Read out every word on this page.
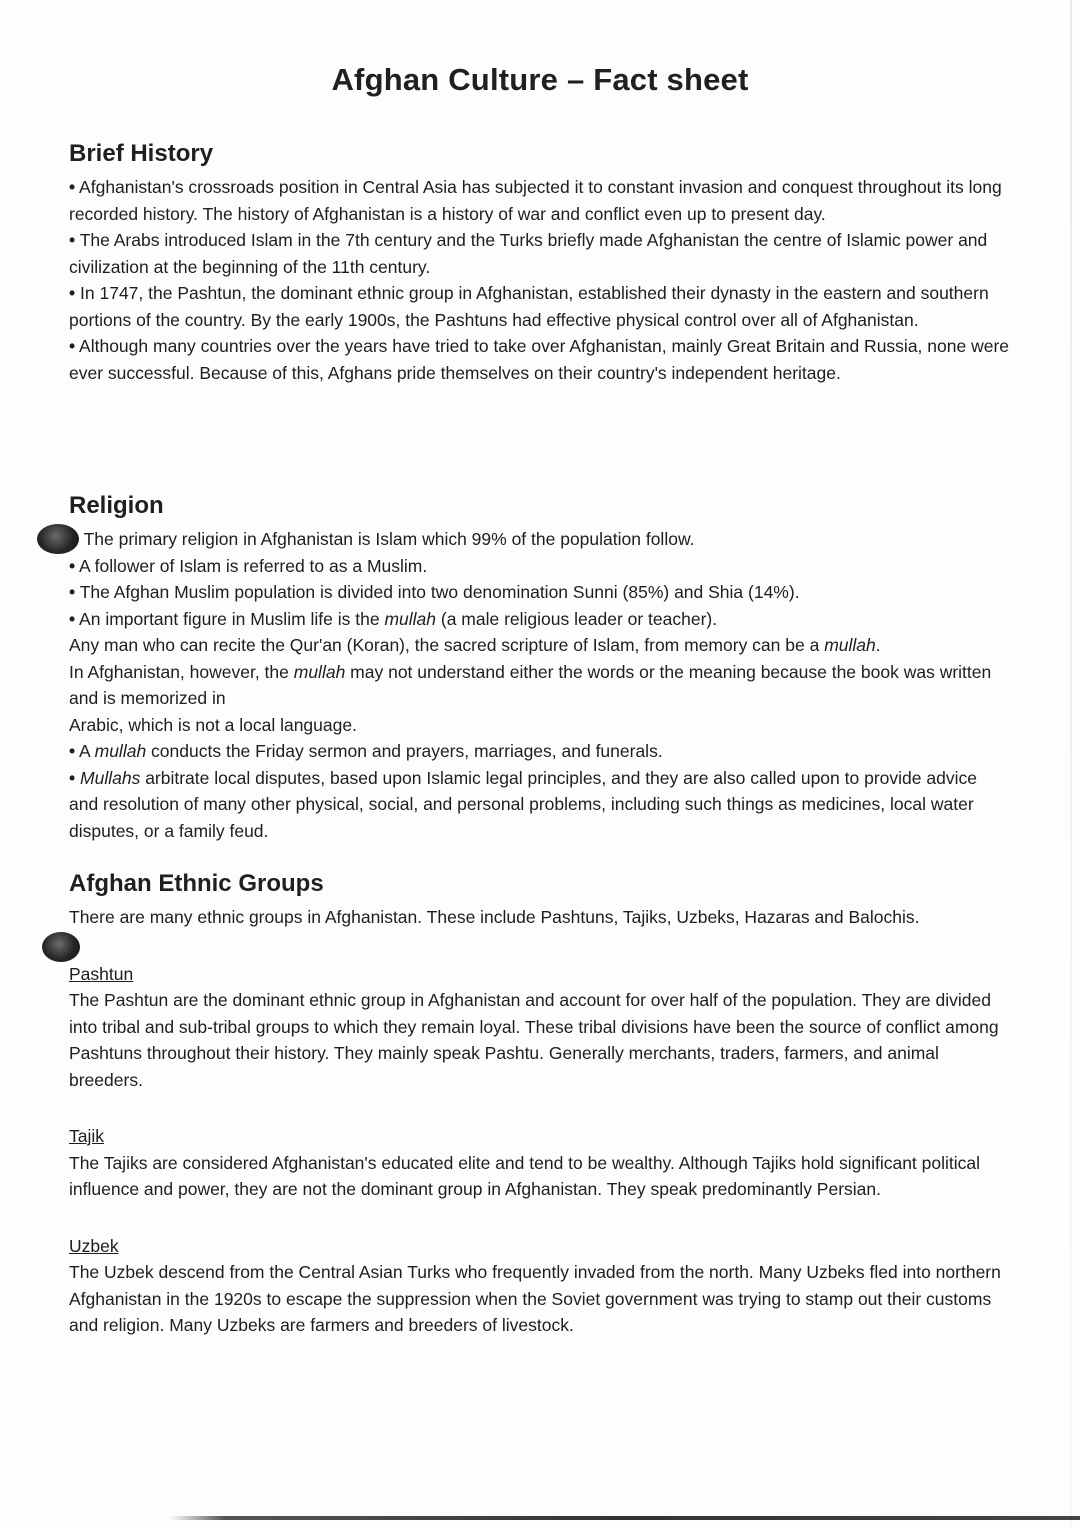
Afghan Culture – Fact sheet
Brief History

• Afghanistan's crossroads position in Central Asia has subjected it to constant invasion and conquest throughout its long recorded history. The history of Afghanistan is a history of war and conflict even up to present day.

• The Arabs introduced Islam in the 7th century and the Turks briefly made Afghanistan the centre of Islamic power and civilization at the beginning of the 11th century.

• In 1747, the Pashtun, the dominant ethnic group in Afghanistan, established their dynasty in the eastern and southern portions of the country. By the early 1900s, the Pashtuns had effective physical control over all of Afghanistan.

• Although many countries over the years have tried to take over Afghanistan, mainly Great Britain and Russia, none were ever successful. Because of this, Afghans pride themselves on their country's independent heritage.

Religion

The primary religion in Afghanistan is Islam which 99% of the population follow.

• A follower of Islam is referred to as a Muslim.

• The Afghan Muslim population is divided into two denomination Sunni (85%) and Shia (14%).

• An important figure in Muslim life is the mullah (a male religious leader or teacher).

Any man who can recite the Qur'an (Koran), the sacred scripture of Islam, from memory can be a mullah.

In Afghanistan, however, the mullah may not understand either the words or the meaning because the book was written and is memorized in

Arabic, which is not a local language.

• A mullah conducts the Friday sermon and prayers, marriages, and funerals.

• Mullahs arbitrate local disputes, based upon Islamic legal principles, and they are also called upon to provide advice and resolution of many other physical, social, and personal problems, including such things as medicines, local water disputes, or a family feud.

Afghan Ethnic Groups

There are many ethnic groups in Afghanistan. These include Pashtuns, Tajiks, Uzbeks, Hazaras and Balochis.

Pashtun

The Pashtun are the dominant ethnic group in Afghanistan and account for over half of the population. They are divided into tribal and sub-tribal groups to which they remain loyal. These tribal divisions have been the source of conflict among Pashtuns throughout their history. They mainly speak Pashtu. Generally merchants, traders, farmers, and animal breeders.

Tajik

The Tajiks are considered Afghanistan's educated elite and tend to be wealthy. Although Tajiks hold significant political influence and power, they are not the dominant group in Afghanistan. They speak predominantly Persian.

Uzbek

The Uzbek descend from the Central Asian Turks who frequently invaded from the north. Many Uzbeks fled into northern Afghanistan in the 1920s to escape the suppression when the Soviet government was trying to stamp out their customs and religion. Many Uzbeks are farmers and breeders of livestock.
